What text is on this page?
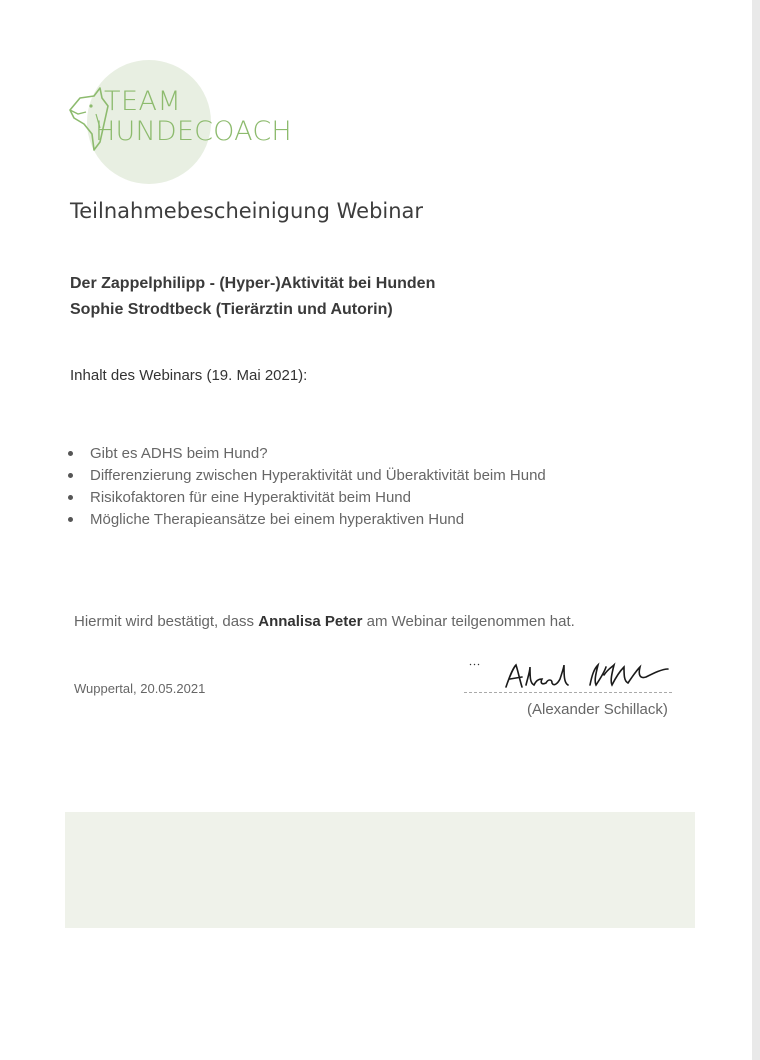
TEAM
HUNDECOACH
Teilnahmebescheinigung Webinar
Der Zappelphilipp - (Hyper-)Aktivität bei Hunden
Sophie Strodtbeck (Tierärztin und Autorin)
Inhalt des Webinars (19. Mai 2021):
Gibt es ADHS beim Hund?
Differenzierung zwischen Hyperaktivität und Überaktivität beim Hund
Risikofaktoren für eine Hyperaktivität beim Hund
Mögliche Therapieansätze bei einem hyperaktiven Hund
Hiermit wird bestätigt, dass Annalisa Peter am Webinar teilgenommen hat.
Wuppertal, 20.05.2021
(Alexander Schillack)
